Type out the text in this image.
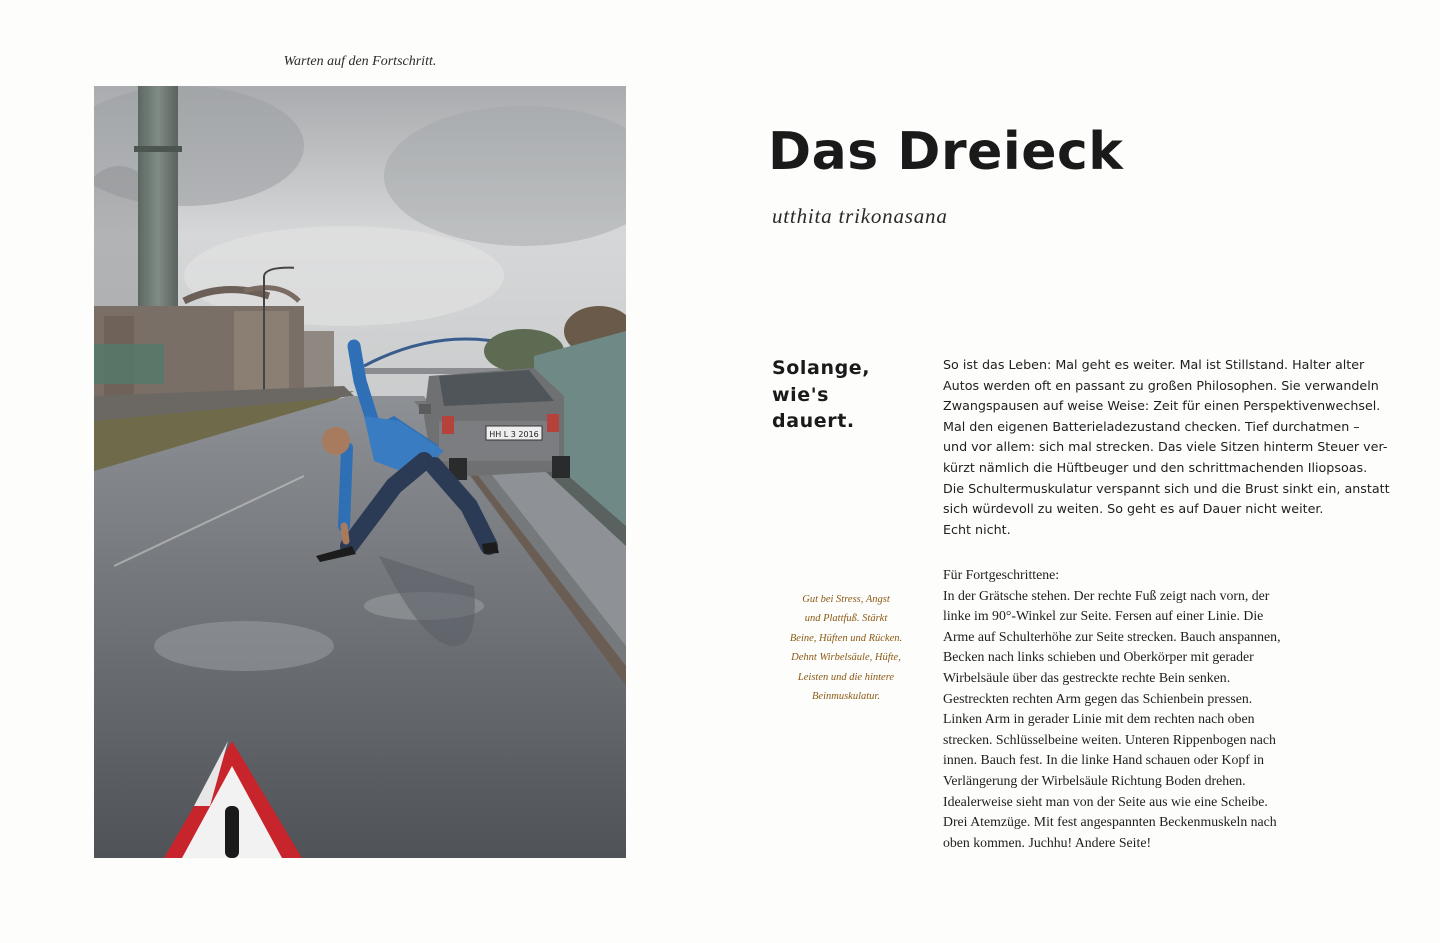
Warten auf den Fortschritt.
HH L 3 2016
Das Dreieck
utthita trikonasana
Solange,
wie's
dauert.
Gut bei Stress, Angst
und Plattfuß. Stärkt
Beine, Hüften und Rücken.
Dehnt Wirbelsäule, Hüfte,
Leisten und die hintere
Beinmuskulatur.
So ist das Leben: Mal geht es weiter. Mal ist Stillstand. Halter alter
Autos werden oft en passant zu großen Philosophen. Sie verwandeln
Zwangspausen auf weise Weise: Zeit für einen Perspektivenwechsel.
Mal den eigenen Batterieladezustand checken. Tief durchatmen –
und vor allem: sich mal strecken. Das viele Sitzen hinterm Steuer ver-
kürzt nämlich die Hüftbeuger und den schrittmachenden Iliopsoas.
Die Schultermuskulatur verspannt sich und die Brust sinkt ein, anstatt
sich würdevoll zu weiten. So geht es auf Dauer nicht weiter.
Echt nicht.
Für Fortgeschrittene:
In der Grätsche stehen. Der rechte Fuß zeigt nach vorn, der
linke im 90°-Winkel zur Seite. Fersen auf einer Linie. Die
Arme auf Schulterhöhe zur Seite strecken. Bauch anspannen,
Becken nach links schieben und Oberkörper mit gerader
Wirbelsäule über das gestreckte rechte Bein senken.
Gestreckten rechten Arm gegen das Schienbein pressen.
Linken Arm in gerader Linie mit dem rechten nach oben
strecken. Schlüsselbeine weiten. Unteren Rippenbogen nach
innen. Bauch fest. In die linke Hand schauen oder Kopf in
Verlängerung der Wirbelsäule Richtung Boden drehen.
Idealerweise sieht man von der Seite aus wie eine Scheibe.
Drei Atemzüge. Mit fest angespannten Beckenmuskeln nach
oben kommen. Juchhu! Andere Seite!
